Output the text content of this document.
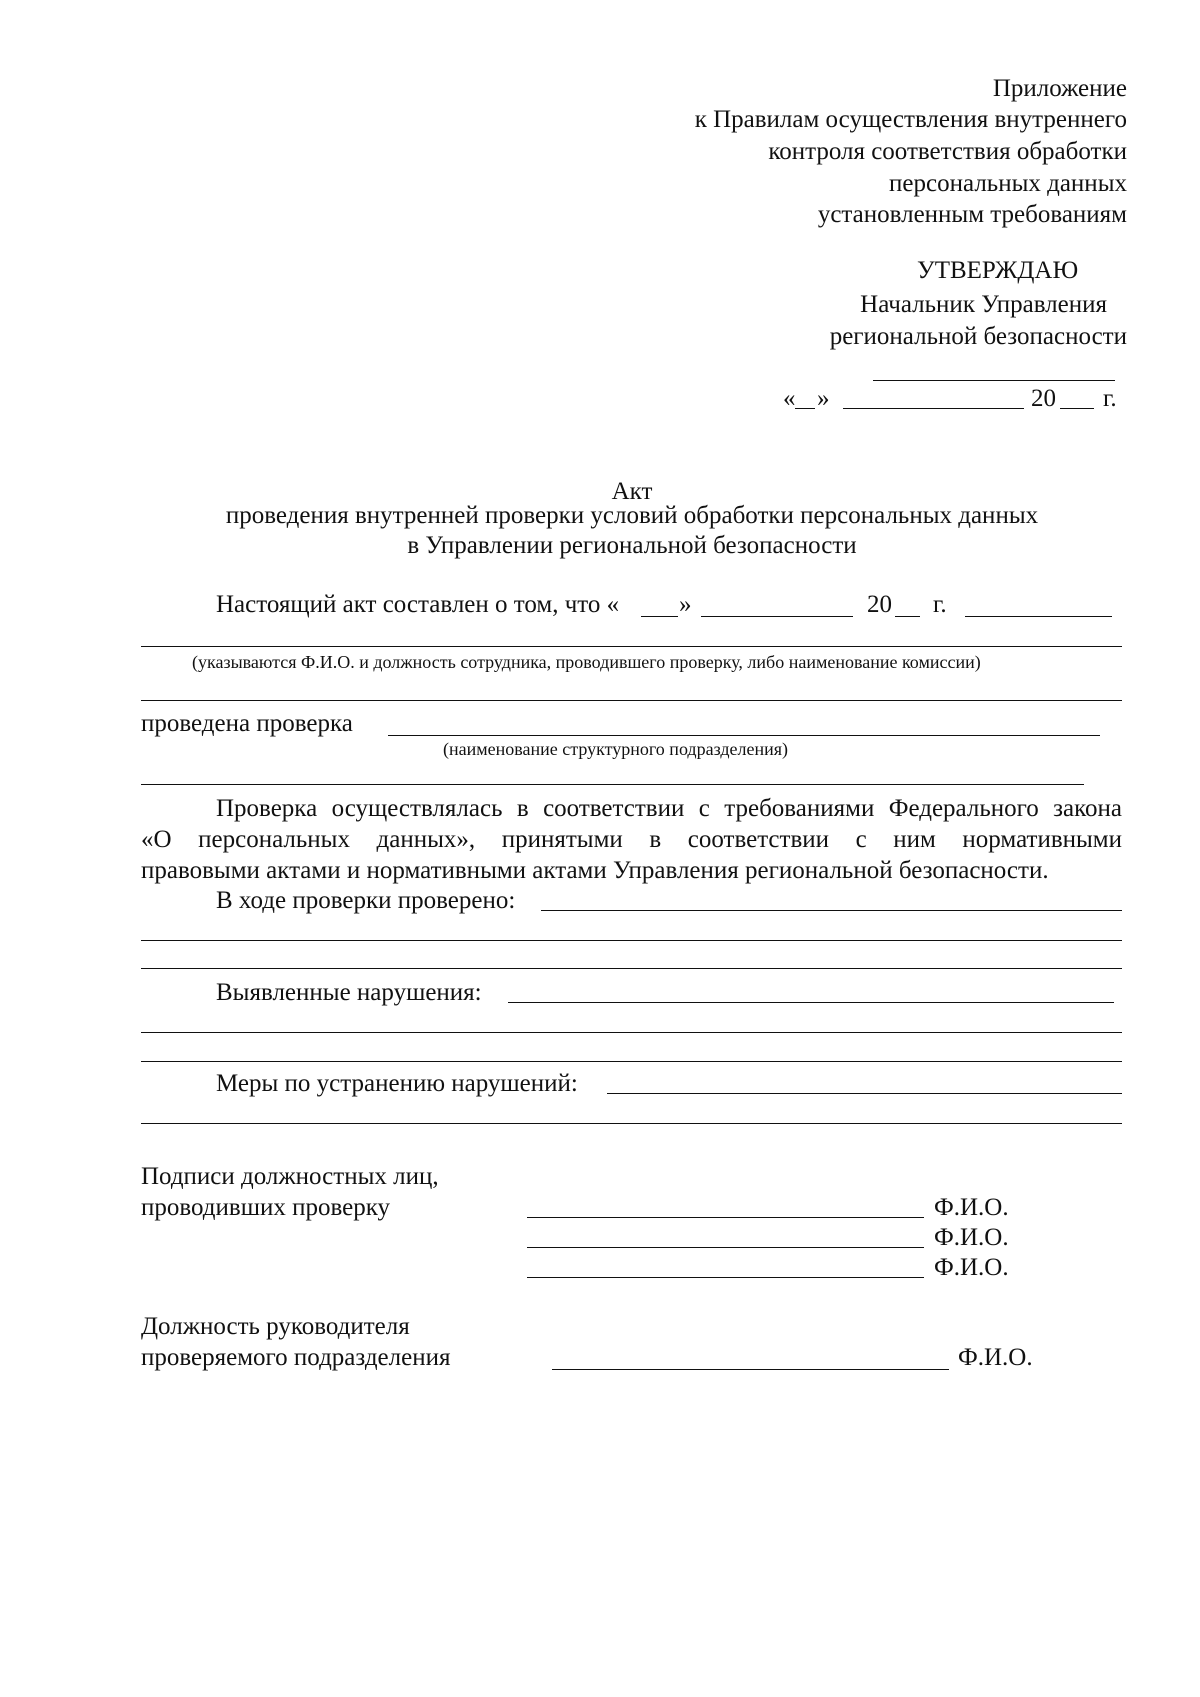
Приложение
к Правилам осуществления внутреннего
контроля соответствия обработки
персональных данных
установленным требованиям
УТВЕРЖДАЮ
Начальник Управления
региональной безопасности
« »	20 г.
Акт
проведения внутренней проверки условий обработки персональных данных
в Управлении региональной безопасности
Настоящий акт составлен о том, что « »	20 г.
(указываются Ф.И.О. и должность сотрудника, проводившего проверку, либо наименование комиссии)
проведена проверка
(наименование структурного подразделения)
Проверка осуществлялась в соответствии с требованиями Федерального закона
«О персональных данных», принятыми в соответствии с ним нормативными
правовыми актами и нормативными актами Управления региональной безопасности.
В ходе проверки проверено:
Выявленные нарушения:
Меры по устранению нарушений:
Подписи должностных лиц,
проводивших проверку	Ф.И.О.
Ф.И.О.
Ф.И.О.
Должность руководителя
проверяемого подразделения	Ф.И.О.
